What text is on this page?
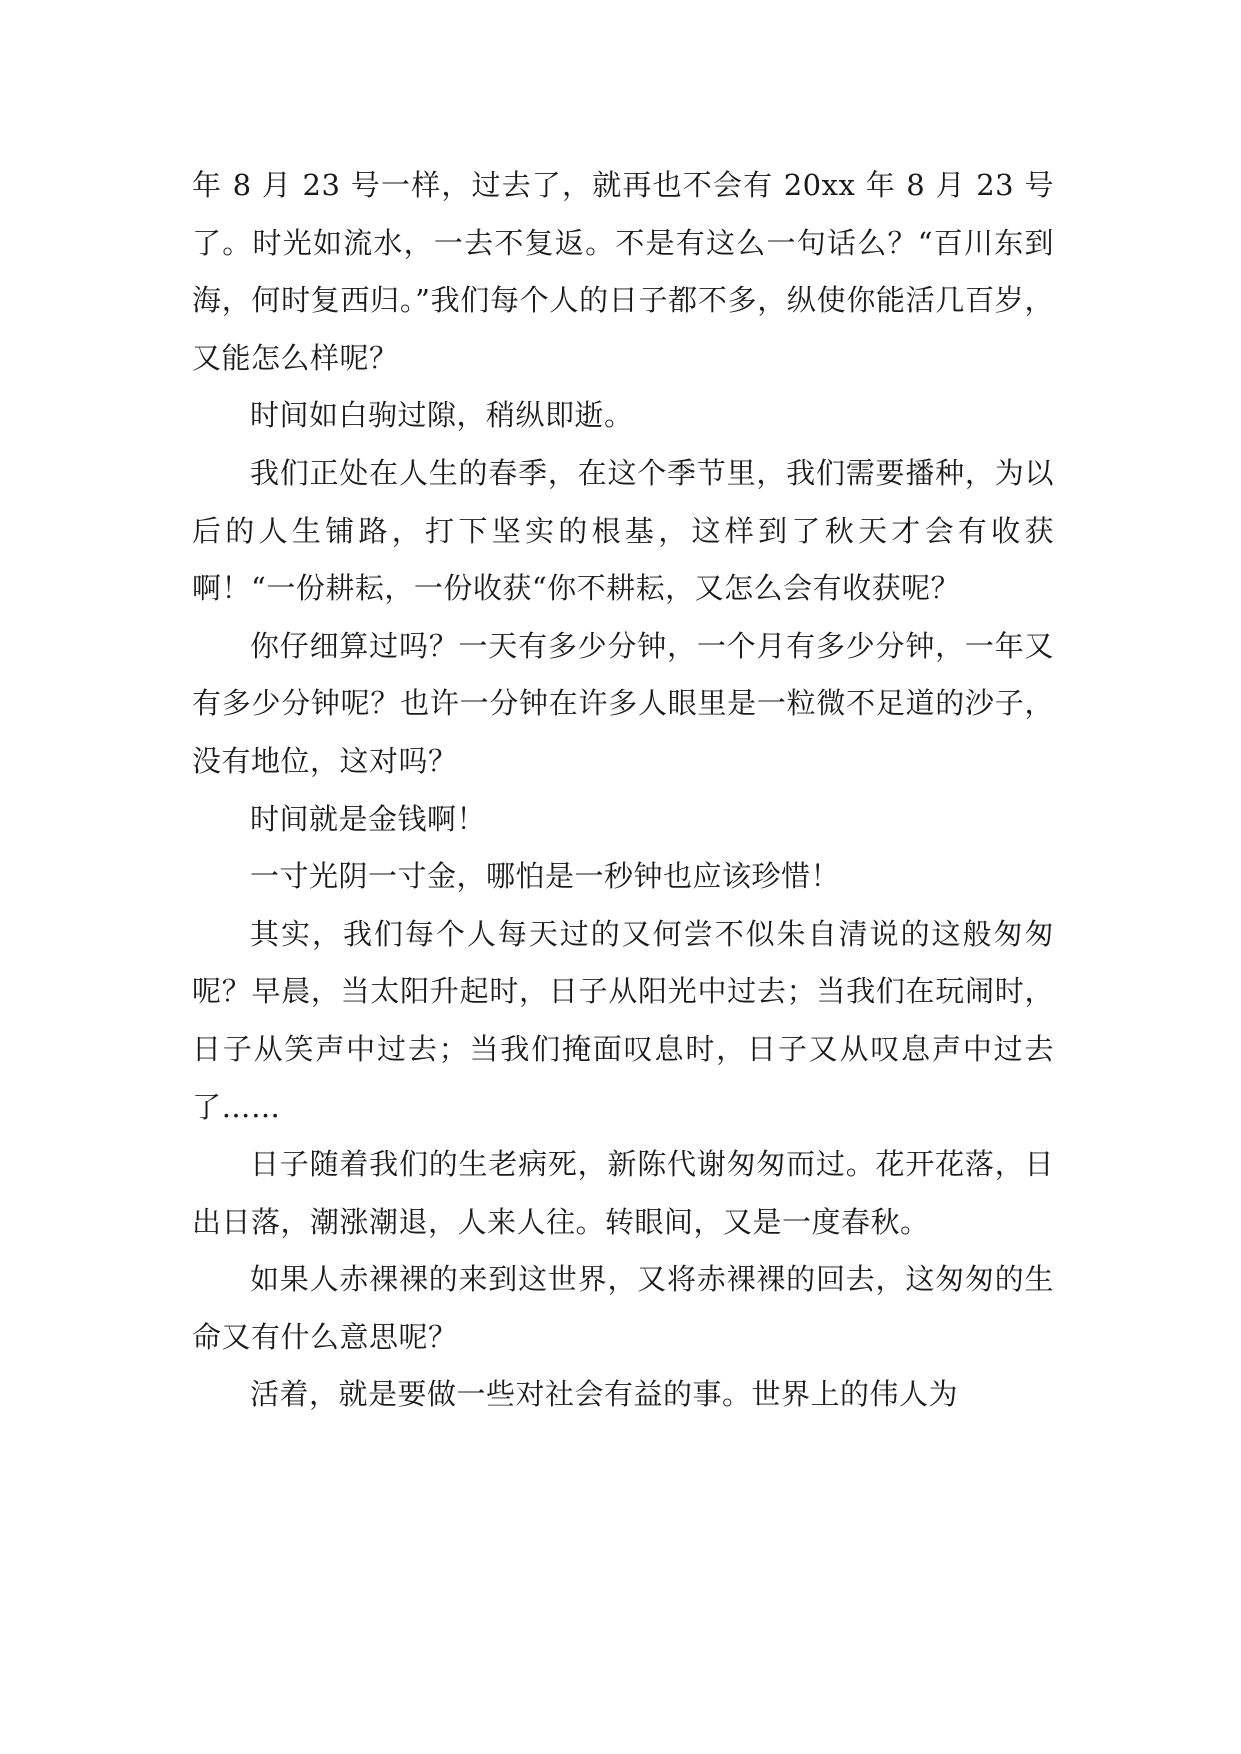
年 8 月 23 号一样，过去了，就再也不会有 20xx 年 8 月 23 号了。时光如流水，一去不复返。不是有这么一句话么？“百川东到海，何时复西归。”我们每个人的日子都不多，纵使你能活几百岁，又能怎么样呢？

时间如白驹过隙，稍纵即逝。

我们正处在人生的春季，在这个季节里，我们需要播种，为以后的人生铺路，打下坚实的根基，这样到了秋天才会有收获啊！“一份耕耘，一份收获“你不耕耘，又怎么会有收获呢？

你仔细算过吗？一天有多少分钟，一个月有多少分钟，一年又有多少分钟呢？也许一分钟在许多人眼里是一粒微不足道的沙子，没有地位，这对吗？

时间就是金钱啊！

一寸光阴一寸金，哪怕是一秒钟也应该珍惜！

其实，我们每个人每天过的又何尝不似朱自清说的这般匆匆呢？早晨，当太阳升起时，日子从阳光中过去；当我们在玩闹时，日子从笑声中过去；当我们掩面叹息时，日子又从叹息声中过去了……

日子随着我们的生老病死，新陈代谢匆匆而过。花开花落，日出日落，潮涨潮退，人来人往。转眼间，又是一度春秋。

如果人赤裸裸的来到这世界，又将赤裸裸的回去，这匆匆的生命又有什么意思呢？

活着，就是要做一些对社会有益的事。世界上的伟人为
